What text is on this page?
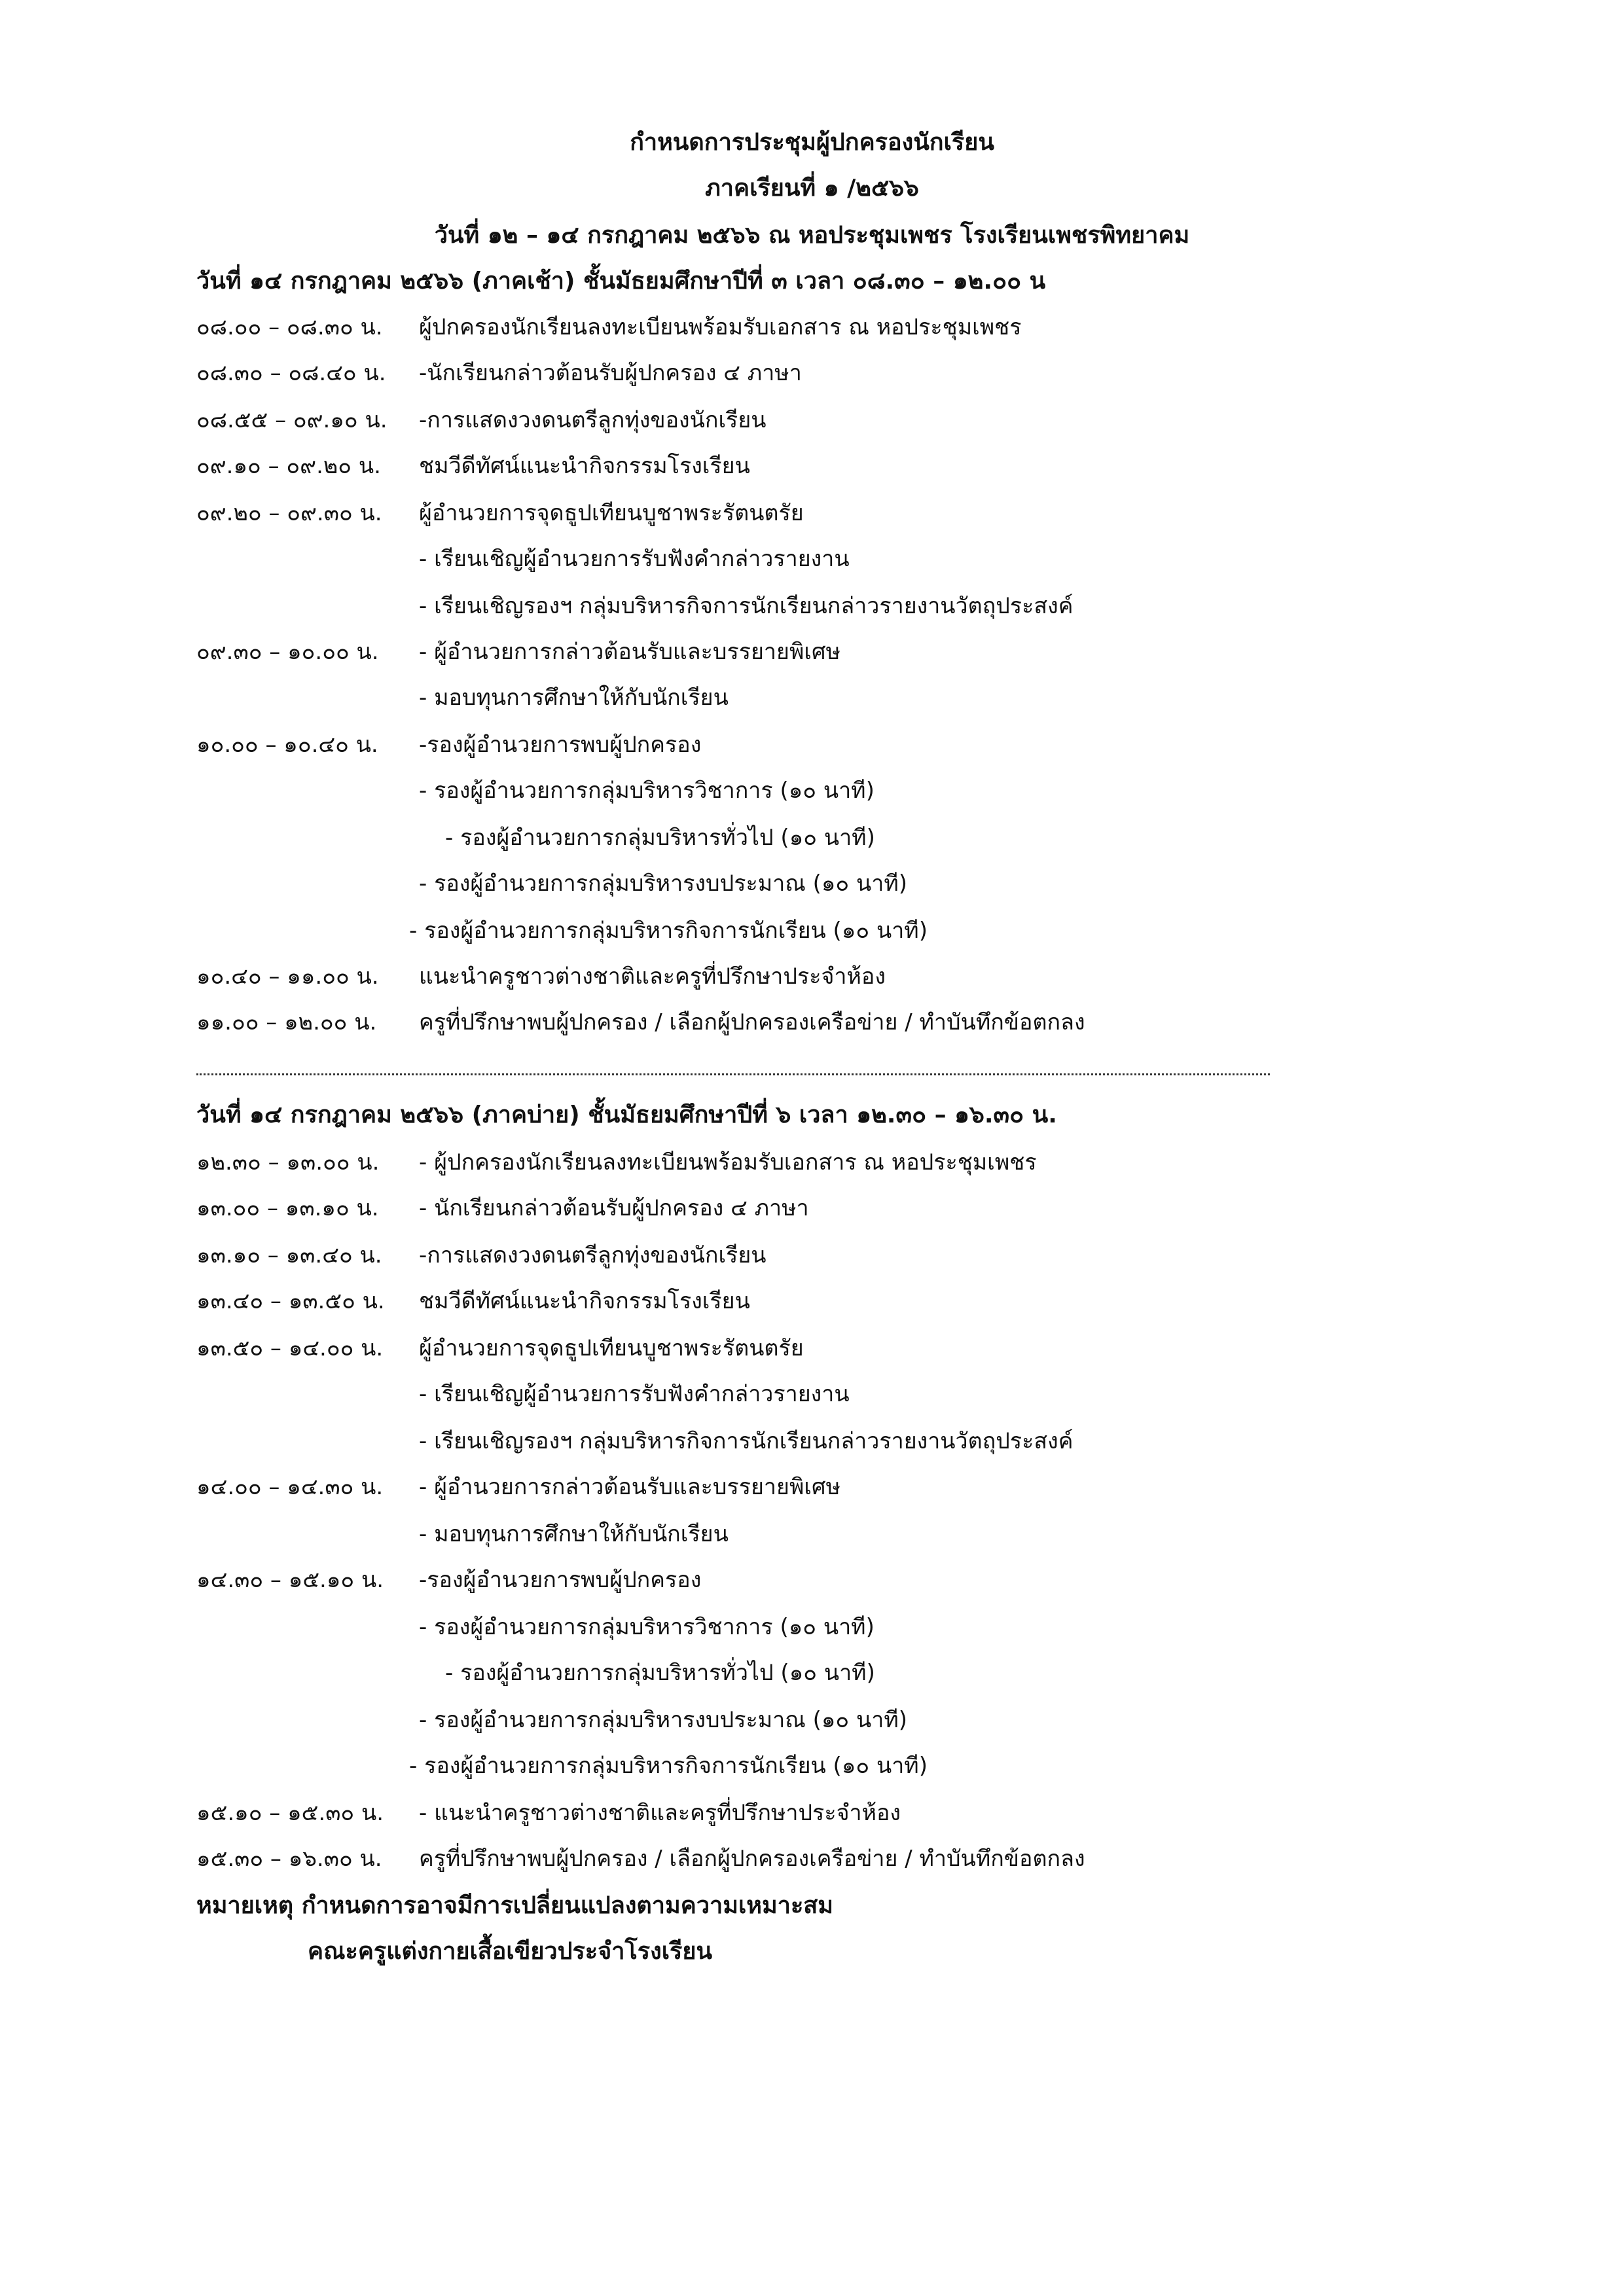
กำหนดการประชุมผู้ปกครองนักเรียน
ภาคเรียนที่ ๑ /๒๕๖๖
วันที่ ๑๒ – ๑๔ กรกฎาคม ๒๕๖๖ ณ หอประชุมเพชร โรงเรียนเพชรพิทยาคม
วันที่ ๑๔ กรกฎาคม ๒๕๖๖ (ภาคเช้า) ชั้นมัธยมศึกษาปีที่ ๓ เวลา ๐๘.๓๐ – ๑๒.๐๐ น
๐๘.๐๐ – ๐๘.๓๐ น. ผู้ปกครองนักเรียนลงทะเบียนพร้อมรับเอกสาร ณ หอประชุมเพชร
๐๘.๓๐ – ๐๘.๔๐ น. -นักเรียนกล่าวต้อนรับผู้ปกครอง ๔ ภาษา
๐๘.๕๕ – ๐๙.๑๐ น. -การแสดงวงดนตรีลูกทุ่งของนักเรียน
๐๙.๑๐ – ๐๙.๒๐ น. ชมวีดีทัศน์แนะนำกิจกรรมโรงเรียน
๐๙.๒๐ – ๐๙.๓๐ น. ผู้อำนวยการจุดธูปเทียนบูชาพระรัตนตรัย
- เรียนเชิญผู้อำนวยการรับฟังคำกล่าวรายงาน
- เรียนเชิญรองฯ กลุ่มบริหารกิจการนักเรียนกล่าวรายงานวัตถุประสงค์
๐๙.๓๐ – ๑๐.๐๐ น. - ผู้อำนวยการกล่าวต้อนรับและบรรยายพิเศษ
- มอบทุนการศึกษาให้กับนักเรียน
๑๐.๐๐ – ๑๐.๔๐ น. -รองผู้อำนวยการพบผู้ปกครอง
- รองผู้อำนวยการกลุ่มบริหารวิชาการ (๑๐ นาที)
- รองผู้อำนวยการกลุ่มบริหารทั่วไป (๑๐ นาที)
- รองผู้อำนวยการกลุ่มบริหารงบประมาณ (๑๐ นาที)
- รองผู้อำนวยการกลุ่มบริหารกิจการนักเรียน (๑๐ นาที)
๑๐.๔๐ – ๑๑.๐๐ น. แนะนำครูชาวต่างชาติและครูที่ปรึกษาประจำห้อง
๑๑.๐๐ – ๑๒.๐๐ น. ครูที่ปรึกษาพบผู้ปกครอง / เลือกผู้ปกครองเครือข่าย / ทำบันทึกข้อตกลง
วันที่ ๑๔ กรกฎาคม ๒๕๖๖ (ภาคบ่าย) ชั้นมัธยมศึกษาปีที่ ๖ เวลา ๑๒.๓๐ – ๑๖.๓๐ น.
๑๒.๓๐ – ๑๓.๐๐ น. - ผู้ปกครองนักเรียนลงทะเบียนพร้อมรับเอกสาร ณ หอประชุมเพชร
๑๓.๐๐ – ๑๓.๑๐ น. - นักเรียนกล่าวต้อนรับผู้ปกครอง ๔ ภาษา
๑๓.๑๐ – ๑๓.๔๐ น. -การแสดงวงดนตรีลูกทุ่งของนักเรียน
๑๓.๔๐ – ๑๓.๕๐ น. ชมวีดีทัศน์แนะนำกิจกรรมโรงเรียน
๑๓.๕๐ – ๑๔.๐๐ น. ผู้อำนวยการจุดธูปเทียนบูชาพระรัตนตรัย
- เรียนเชิญผู้อำนวยการรับฟังคำกล่าวรายงาน
- เรียนเชิญรองฯ กลุ่มบริหารกิจการนักเรียนกล่าวรายงานวัตถุประสงค์
๑๔.๐๐ – ๑๔.๓๐ น. - ผู้อำนวยการกล่าวต้อนรับและบรรยายพิเศษ
- มอบทุนการศึกษาให้กับนักเรียน
๑๔.๓๐ – ๑๕.๑๐ น. -รองผู้อำนวยการพบผู้ปกครอง
- รองผู้อำนวยการกลุ่มบริหารวิชาการ (๑๐ นาที)
- รองผู้อำนวยการกลุ่มบริหารทั่วไป (๑๐ นาที)
- รองผู้อำนวยการกลุ่มบริหารงบประมาณ (๑๐ นาที)
- รองผู้อำนวยการกลุ่มบริหารกิจการนักเรียน (๑๐ นาที)
๑๕.๑๐ – ๑๕.๓๐ น. - แนะนำครูชาวต่างชาติและครูที่ปรึกษาประจำห้อง
๑๕.๓๐ – ๑๖.๓๐ น. ครูที่ปรึกษาพบผู้ปกครอง / เลือกผู้ปกครองเครือข่าย / ทำบันทึกข้อตกลง
หมายเหตุ กำหนดการอาจมีการเปลี่ยนแปลงตามความเหมาะสม
คณะครูแต่งกายเสื้อเขียวประจำโรงเรียน
